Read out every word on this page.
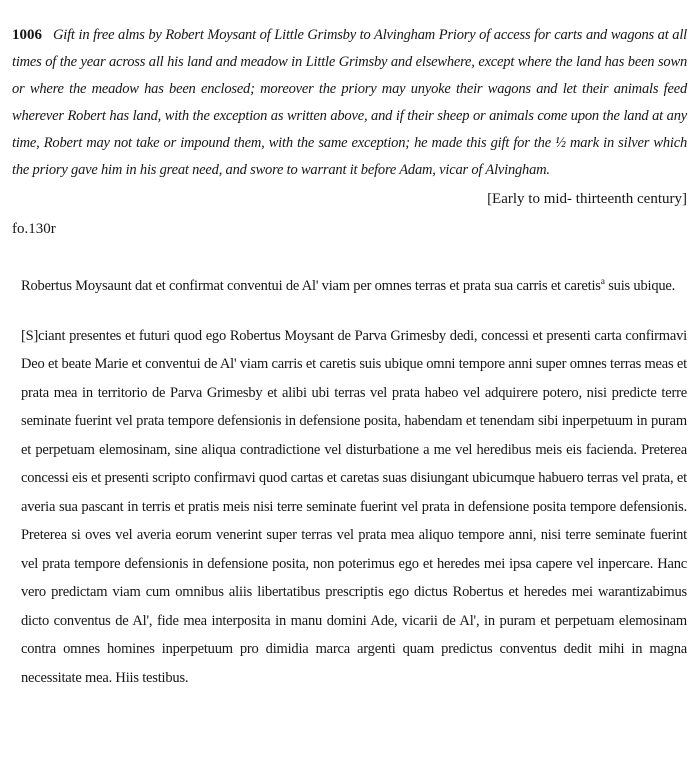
1006 Gift in free alms by Robert Moysant of Little Grimsby to Alvingham Priory of access for carts and wagons at all times of the year across all his land and meadow in Little Grimsby and elsewhere, except where the land has been sown or where the meadow has been enclosed; moreover the priory may unyoke their wagons and let their animals feed wherever Robert has land, with the exception as written above, and if their sheep or animals come upon the land at any time, Robert may not take or impound them, with the same exception; he made this gift for the ½ mark in silver which the priory gave him in his great need, and swore to warrant it before Adam, vicar of Alvingham.

[Early to mid- thirteenth century]

fo.130r

Robertus Moysaunt dat et confirmat conventui de Al' viam per omnes terras et prata sua carris et caretis$^a$ suis ubique.

[S]ciant presentes et futuri quod ego Robertus Moysant de Parva Grimesby dedi, concessi et presenti carta confirmavi Deo et beate Marie et conventui de Al' viam carris et caretis suis ubique omni tempore anni super omnes terras meas et prata mea in territorio de Parva Grimesby et alibi ubi terras vel prata habeo vel adquirere potero, nisi predicte terre seminate fuerint vel prata tempore defensionis in defensione posita, habendam et tenendam sibi inperpetuum in puram et perpetuam elemosinam, sine aliqua contradictione vel disturbatione a me vel heredibus meis eis facienda. Preterea concessi eis et presenti scripto confirmavi quod cartas et caretas suas disiungant ubicumque habuero terras vel prata, et averia sua pascant in terris et pratis meis nisi terre seminate fuerint vel prata in defensione posita tempore defensionis. Preterea si oves vel averia eorum venerint super terras vel prata mea aliquo tempore anni, nisi terre seminate fuerint vel prata tempore defensionis in defensione posita, non poterimus ego et heredes mei ipsa capere vel inpercare. Hanc vero predictam viam cum omnibus aliis libertatibus prescriptis ego dictus Robertus et heredes mei warantizabimus dicto conventus de Al', fide mea interposita in manu domini Ade, vicarii de Al', in puram et perpetuam elemosinam contra omnes homines inperpetuum pro dimidia marca argenti quam predictus conventus dedit mihi in magna necessitate mea. Hiis testibus.
